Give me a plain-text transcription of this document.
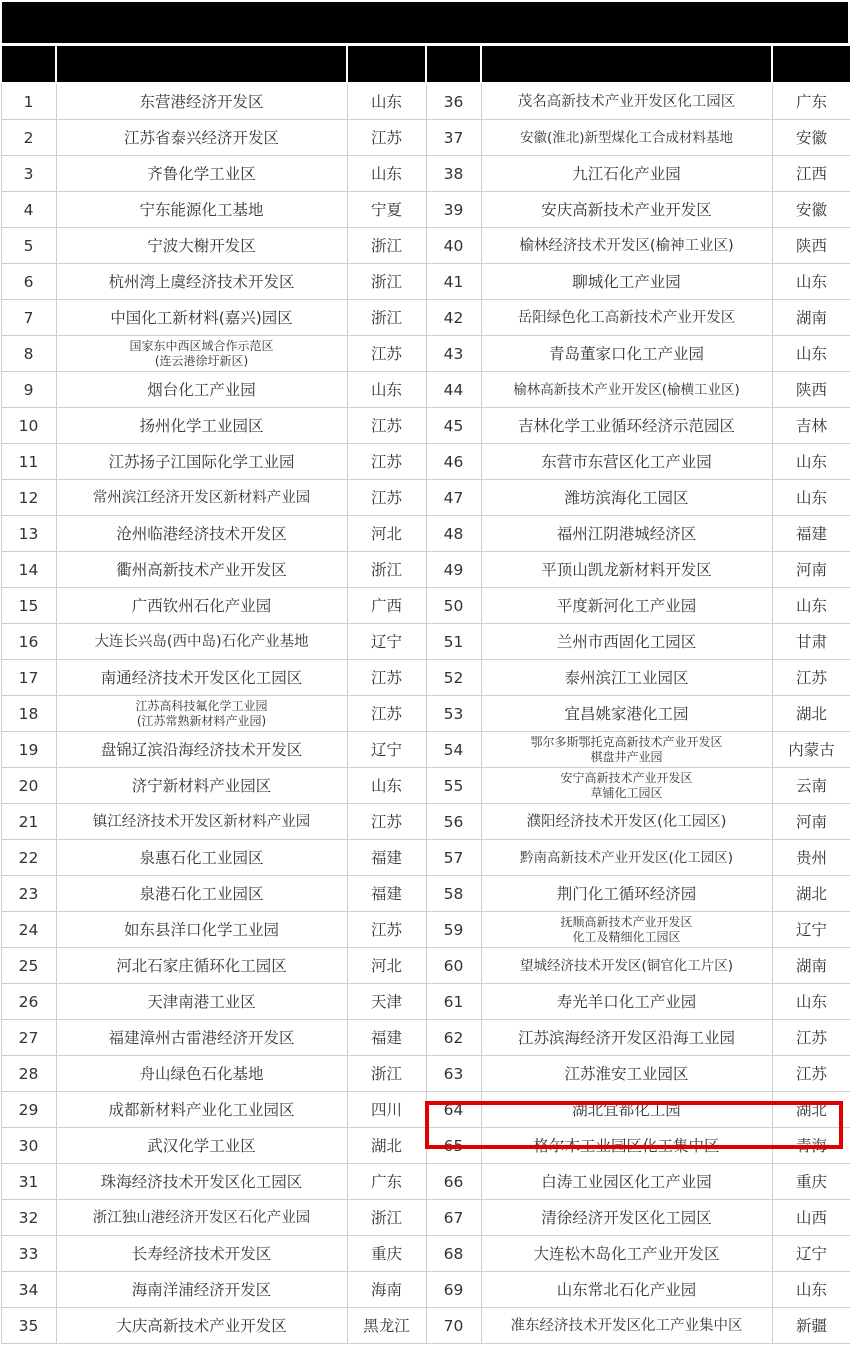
1	东营港经济开发区	山东	36	茂名高新技术产业开发区化工园区	广东
2	江苏省泰兴经济开发区	江苏	37	安徽(淮北)新型煤化工合成材料基地	安徽
3	齐鲁化学工业区	山东	38	九江石化产业园	江西
4	宁东能源化工基地	宁夏	39	安庆高新技术产业开发区	安徽
5	宁波大榭开发区	浙江	40	榆林经济技术开发区(榆神工业区)	陕西
6	杭州湾上虞经济技术开发区	浙江	41	聊城化工产业园	山东
7	中国化工新材料(嘉兴)园区	浙江	42	岳阳绿色化工高新技术产业开发区	湖南
8	国家东中西区域合作示范区
(连云港徐圩新区)	江苏	43	青岛董家口化工产业园	山东
9	烟台化工产业园	山东	44	榆林高新技术产业开发区(榆横工业区)	陕西
10	扬州化学工业园区	江苏	45	吉林化学工业循环经济示范园区	吉林
11	江苏扬子江国际化学工业园	江苏	46	东营市东营区化工产业园	山东
12	常州滨江经济开发区新材料产业园	江苏	47	潍坊滨海化工园区	山东
13	沧州临港经济技术开发区	河北	48	福州江阴港城经济区	福建
14	衢州高新技术产业开发区	浙江	49	平顶山凯龙新材料开发区	河南
15	广西钦州石化产业园	广西	50	平度新河化工产业园	山东
16	大连长兴岛(西中岛)石化产业基地	辽宁	51	兰州市西固化工园区	甘肃
17	南通经济技术开发区化工园区	江苏	52	泰州滨江工业园区	江苏
18	江苏高科技氟化学工业园
(江苏常熟新材料产业园)	江苏	53	宜昌姚家港化工园	湖北
19	盘锦辽滨沿海经济技术开发区	辽宁	54	鄂尔多斯鄂托克高新技术产业开发区
棋盘井产业园	内蒙古
20	济宁新材料产业园区	山东	55	安宁高新技术产业开发区
草铺化工园区	云南
21	镇江经济技术开发区新材料产业园	江苏	56	濮阳经济技术开发区(化工园区)	河南
22	泉惠石化工业园区	福建	57	黔南高新技术产业开发区(化工园区)	贵州
23	泉港石化工业园区	福建	58	荆门化工循环经济园	湖北
24	如东县洋口化学工业园	江苏	59	抚顺高新技术产业开发区
化工及精细化工园区	辽宁
25	河北石家庄循环化工园区	河北	60	望城经济技术开发区(铜官化工片区)	湖南
26	天津南港工业区	天津	61	寿光羊口化工产业园	山东
27	福建漳州古雷港经济开发区	福建	62	江苏滨海经济开发区沿海工业园	江苏
28	舟山绿色石化基地	浙江	63	江苏淮安工业园区	江苏
29	成都新材料产业化工业园区	四川	64	湖北宜都化工园	湖北
30	武汉化学工业区	湖北	65	格尔木工业园区化工集中区	青海
31	珠海经济技术开发区化工园区	广东	66	白涛工业园区化工产业园	重庆
32	浙江独山港经济开发区石化产业园	浙江	67	清徐经济开发区化工园区	山西
33	长寿经济技术开发区	重庆	68	大连松木岛化工产业开发区	辽宁
34	海南洋浦经济开发区	海南	69	山东常北石化产业园	山东
35	大庆高新技术产业开发区	黑龙江	70	准东经济技术开发区化工产业集中区	新疆
